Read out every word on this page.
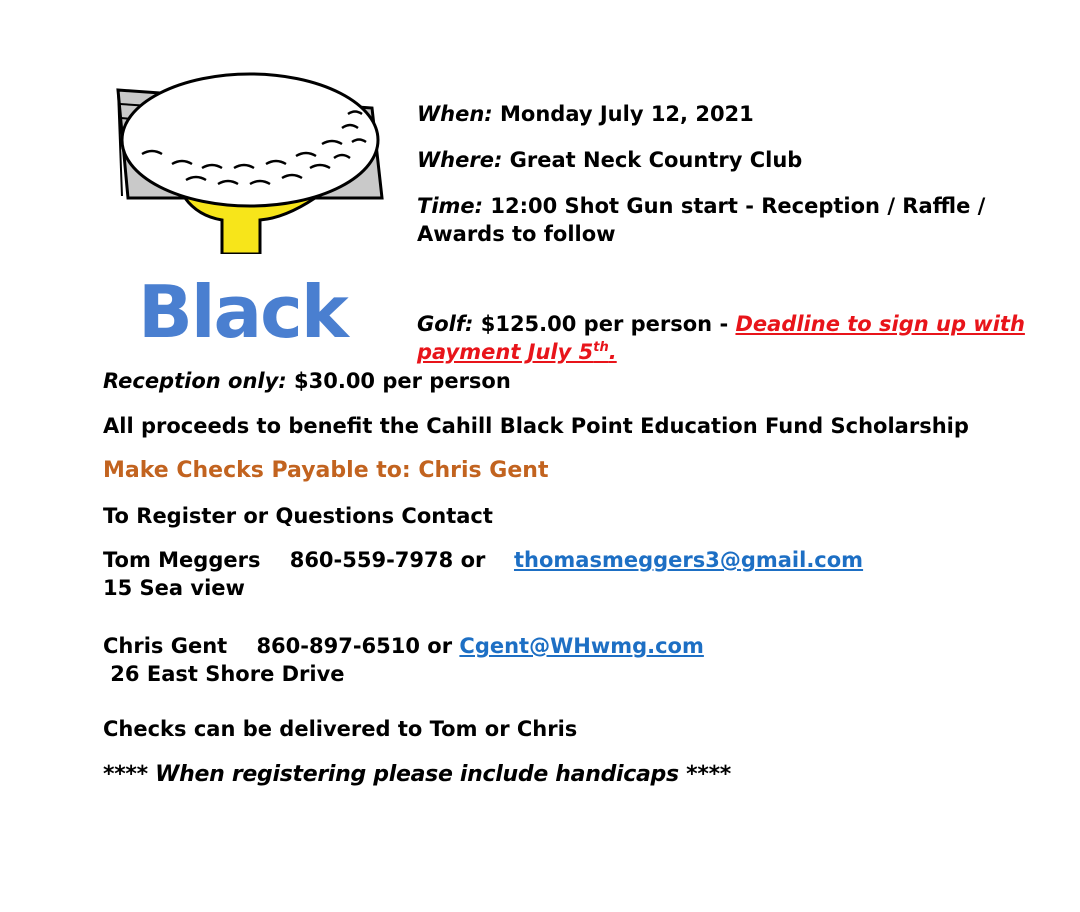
Black
When: Monday July 12, 2021
Where: Great Neck Country Club
Time: 12:00 Shot Gun start - Reception / Raffle /
Awards to follow
Golf: $125.00 per person - Deadline to sign up with
payment July 5th.
Reception only: $30.00 per person
All proceeds to benefit the Cahill Black Point Education Fund Scholarship
Make Checks Payable to: Chris Gent
To Register or Questions Contact
Tom Meggers    860-559-7978 or thomasmeggers3@gmail.com
15 Sea view
Chris Gent    860-897-6510 or Cgent@WHwmg.com
26 East Shore Drive
Checks can be delivered to Tom or Chris
**** When registering please include handicaps ****
